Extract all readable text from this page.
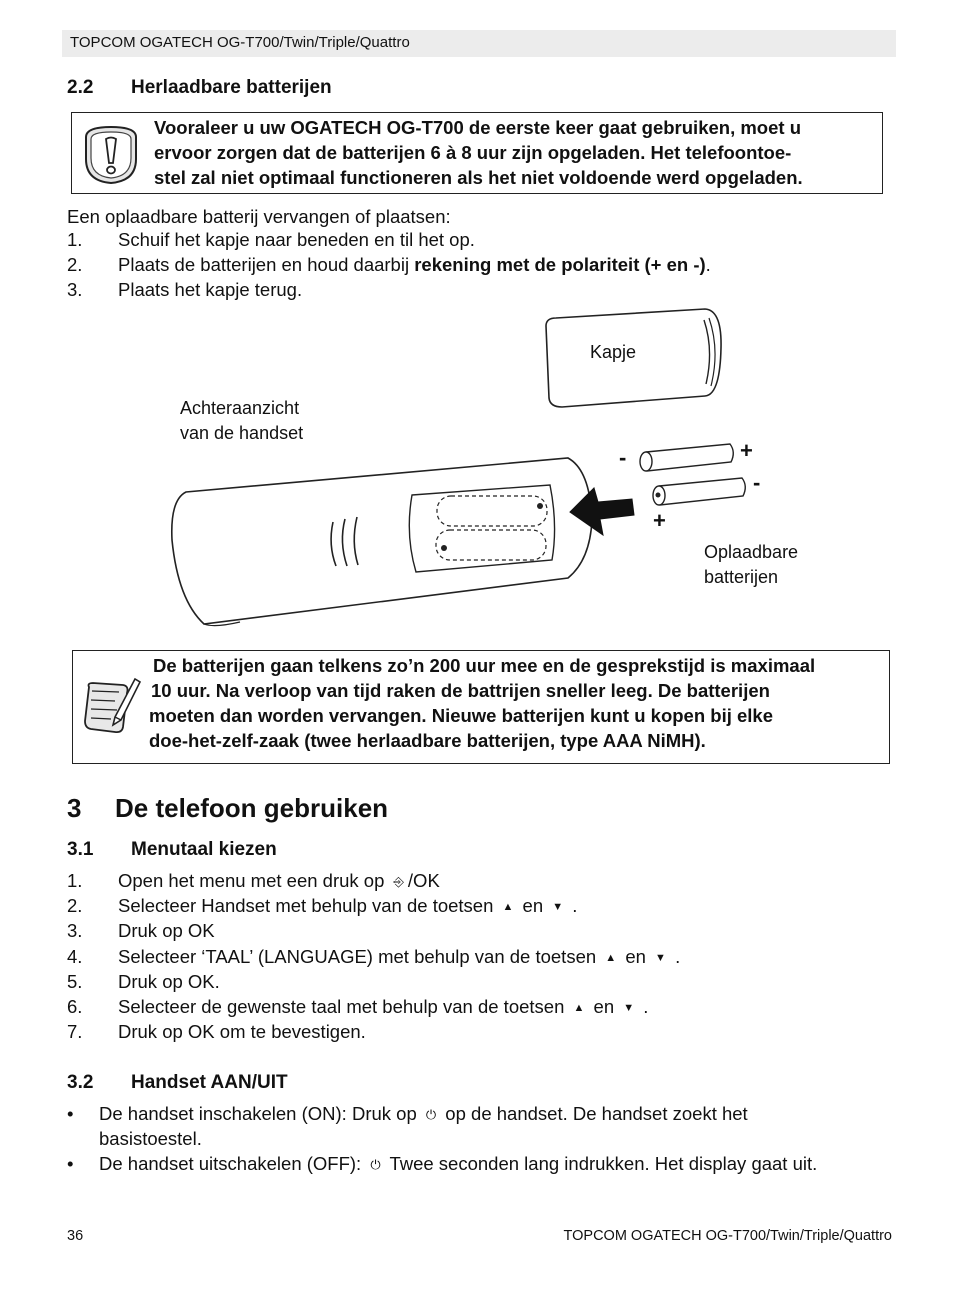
TOPCOM OGATECH OG-T700/Twin/Triple/Quattro
2.2 Herlaadbare batterijen
Vooraleer u uw OGATECH OG-T700 de eerste keer gaat gebruiken, moet u
ervoor zorgen dat de batterijen 6 à 8 uur zijn opgeladen. Het telefoontoe-
stel zal niet optimaal functioneren als het niet voldoende werd opgeladen.
Een oplaadbare batterij vervangen of plaatsen:
1. Schuif het kapje naar beneden en til het op.
2. Plaats de batterijen en houd daarbij rekening met de polariteit (+ en -).
3. Plaats het kapje terug.
Kapje
Achteraanzicht
van de handset
Oplaadbare
batterijen
-	+
-
+
De batterijen gaan telkens zo’n 200 uur mee en de gesprekstijd is maximaal
10 uur. Na verloop van tijd raken de battrijen sneller leeg. De batterijen
moeten dan worden vervangen. Nieuwe batterijen kunt u kopen bij elke
doe-het-zelf-zaak (twee herlaadbare batterijen, type AAA NiMH).
3 De telefoon gebruiken
3.1 Menutaal kiezen
1. Open het menu met een druk op ⎆ /OK
2. Selecteer Handset met behulp van de toetsen ▲ en ▼ .
3. Druk op OK
4. Selecteer ‘TAAL’ (LANGUAGE) met behulp van de toetsen ▲ en ▼ .
5. Druk op OK.
6. Selecteer de gewenste taal met behulp van de toetsen ▲ en ▼ .
7. Druk op OK om te bevestigen.
3.2 Handset AAN/UIT
• De handset inschakelen (ON): Druk op ⏻ op de handset. De handset zoekt het
basistoestel.
• De handset uitschakelen (OFF): ⏻ Twee seconden lang indrukken. Het display gaat uit.
36	TOPCOM OGATECH OG-T700/Twin/Triple/Quattro
